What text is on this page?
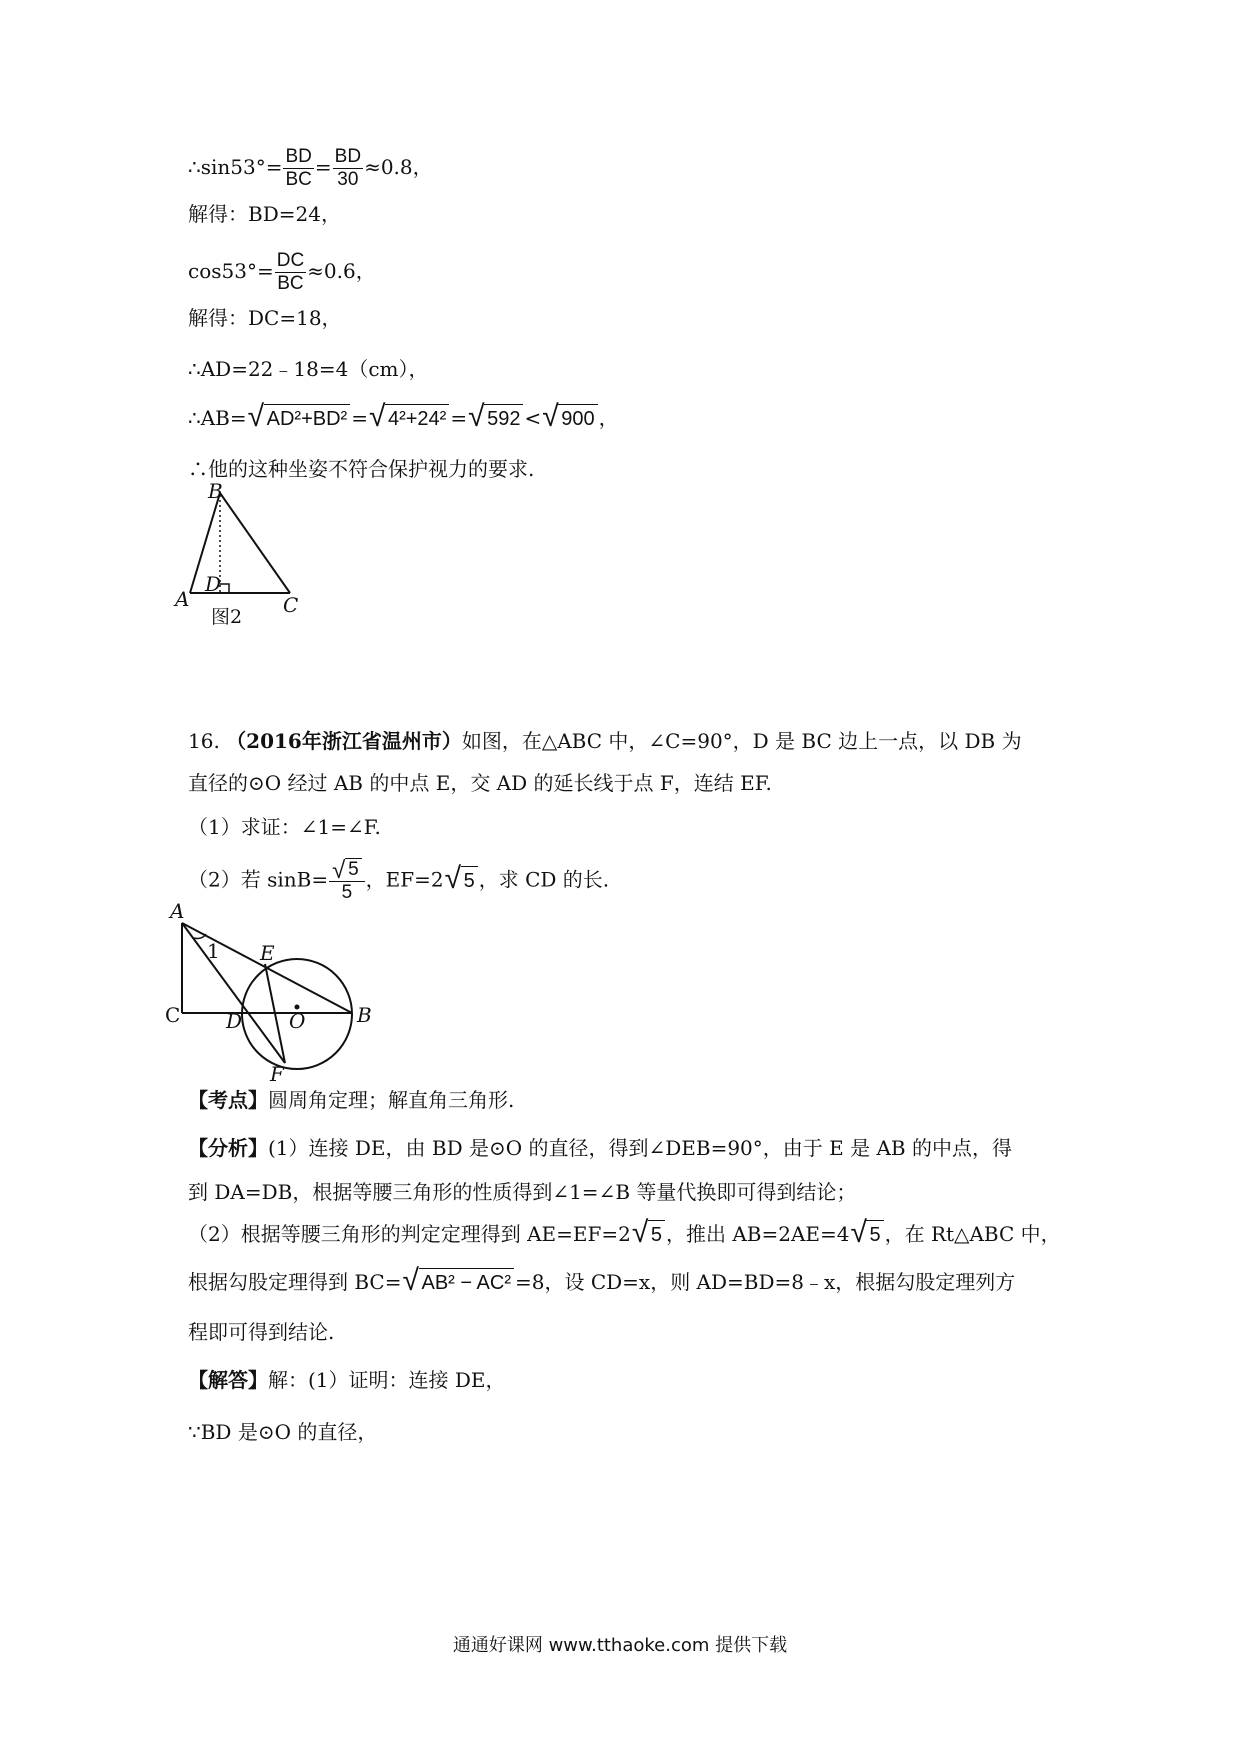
∴sin53°= $\frac{BD}{BC} = \frac{BD}{30} \approx 0.8$，
解得：BD=24，
$\cos 53^\circ= \frac{DC}{BC} \approx 0.6$，
解得：DC=18，
∴AD=22﹣18=4（cm），
∴AB= √ AD²+BD² = √ 4²+24² = √ 592 < √ 900 ，
∴他的这种坐姿不符合保护视力的要求.
B
A
D
C
图2
16. （2016年浙江省温州市）如图，在△ABC 中，∠C=90°，D 是 BC 边上一点，以 DB 为
直径的⊙O 经过 AB 的中点 E，交 AD 的延长线于点 F，连结 EF.
（1）求证：∠1=∠F.
（2）若 $\sin B= \frac{√ 5}{5}$ ，EF=2 √ 5 ，求 CD 的长.
A
1 E
C D O	B
F
【考点】圆周角定理；解直角三角形.
【分析】(1）连接 DE，由 BD 是⊙O 的直径，得到∠DEB=90°，由于 E 是 AB 的中点，得
到 DA=DB，根据等腰三角形的性质得到∠1=∠B 等量代换即可得到结论；
（2）根据等腰三角形的判定定理得到 AE=EF=2 √ 5 ，推出 AB=2AE=4 √ 5 ，在 Rt△ABC 中，
根据勾股定理得到 BC= √ AB² − AC² =8，设 CD=x，则 AD=BD=8﹣x，根据勾股定理列方
程即可得到结论.
【解答】解：(1）证明：连接 DE，
∵BD 是⊙O 的直径，
通通好课网 www.tthaoke.com 提供下载
